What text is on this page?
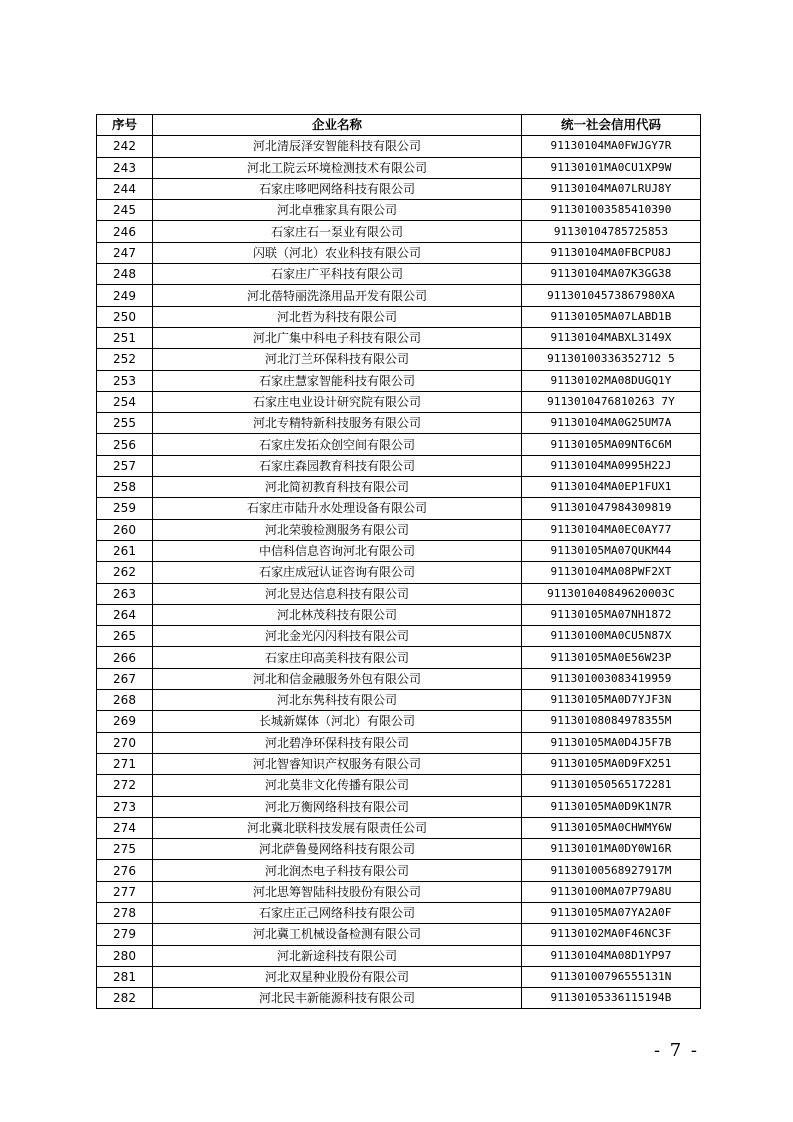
序号	企业名称	统一社会信用代码
242	河北清辰泽安智能科技有限公司	91130104MA0FWJGY7R
243	河北工院云环境检测技术有限公司	91130101MA0CU1XP9W
244	石家庄哆吧网络科技有限公司	91130104MA07LRUJ8Y
245	河北卓雅家具有限公司	911301003585410390
246	石家庄石一泵业有限公司	91130104785725853
247	闪联（河北）农业科技有限公司	91130104MA0FBCPU8J
248	石家庄广平科技有限公司	91130104MA07K3GG38
249	河北蓓特丽洗涤用品开发有限公司	91130104573867980XA
250	河北哲为科技有限公司	91130105MA07LABD1B
251	河北广集中科电子科技有限公司	91130104MABXL3149X
252	河北汀兰环保科技有限公司	91130100336352712 5
253	石家庄慧家智能科技有限公司	91130102MA08DUGQ1Y
254	石家庄电业设计研究院有限公司	9113010476810263 7Y
255	河北专精特新科技服务有限公司	91130104MA0G25UM7A
256	石家庄发拓众创空间有限公司	91130105MA09NT6C6M
257	石家庄森园教育科技有限公司	91130104MA0995H22J
258	河北简初教育科技有限公司	91130104MA0EP1FUX1
259	石家庄市陆升水处理设备有限公司	911301047984309819
260	河北荣骏检测服务有限公司	91130104MA0EC0AY77
261	中信科信息咨询河北有限公司	91130105MA07QUKM44
262	石家庄成冠认证咨询有限公司	91130104MA08PWF2XT
263	河北昱达信息科技有限公司	911301040849620003C
264	河北林茂科技有限公司	91130105MA07NH1872
265	河北金光闪闪科技有限公司	91130100MA0CU5N87X
266	石家庄印高美科技有限公司	91130105MA0E56W23P
267	河北和信金融服务外包有限公司	911301003083419959
268	河北东隽科技有限公司	91130105MA0D7YJF3N
269	长城新媒体（河北）有限公司	91130108084978355M
270	河北碧净环保科技有限公司	91130105MA0D4J5F7B
271	河北智睿知识产权服务有限公司	91130105MA0D9FX251
272	河北莫非文化传播有限公司	911301050565172281
273	河北万衡网络科技有限公司	91130105MA0D9K1N7R
274	河北冀北联科技发展有限责任公司	91130105MA0CHWMY6W
275	河北萨鲁曼网络科技有限公司	91130101MA0DY0W16R
276	河北润杰电子科技有限公司	91130100568927917M
277	河北思筹智陆科技股份有限公司	91130100MA07P79A8U
278	石家庄正己网络科技有限公司	91130105MA07YA2A0F
279	河北冀工机械设备检测有限公司	91130102MA0F46NC3F
280	河北新途科技有限公司	91130104MA08D1YP97
281	河北双星种业股份有限公司	91130100796555131N
282	河北民丰新能源科技有限公司	91130105336115194B
- 7 -
